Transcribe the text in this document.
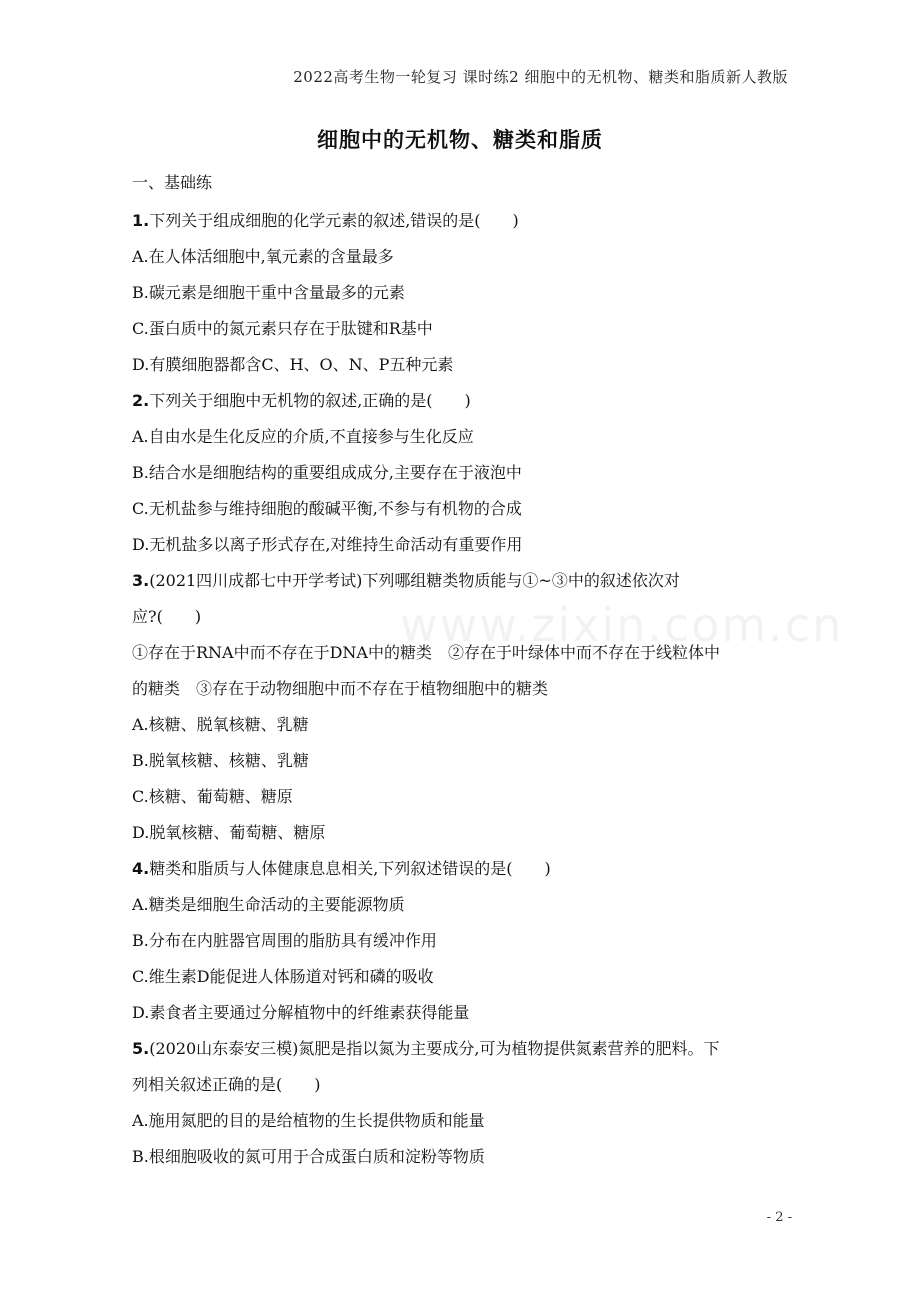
2022高考生物一轮复习 课时练2 细胞中的无机物、糖类和脂质新人教版
细胞中的无机物、糖类和脂质
一、基础练
www.zixin.com.cn
1.下列关于组成细胞的化学元素的叙述,错误的是(　　)
A.在人体活细胞中,氧元素的含量最多
B.碳元素是细胞干重中含量最多的元素
C.蛋白质中的氮元素只存在于肽键和R基中
D.有膜细胞器都含C、H、O、N、P五种元素
2.下列关于细胞中无机物的叙述,正确的是(　　)
A.自由水是生化反应的介质,不直接参与生化反应
B.结合水是细胞结构的重要组成成分,主要存在于液泡中
C.无机盐参与维持细胞的酸碱平衡,不参与有机物的合成
D.无机盐多以离子形式存在,对维持生命活动有重要作用
3.(2021四川成都七中开学考试)下列哪组糖类物质能与①~③中的叙述依次对
应?(　　)
①存在于RNA中而不存在于DNA中的糖类　②存在于叶绿体中而不存在于线粒体中
的糖类　③存在于动物细胞中而不存在于植物细胞中的糖类
A.核糖、脱氧核糖、乳糖
B.脱氧核糖、核糖、乳糖
C.核糖、葡萄糖、糖原
D.脱氧核糖、葡萄糖、糖原
4.糖类和脂质与人体健康息息相关,下列叙述错误的是(　　)
A.糖类是细胞生命活动的主要能源物质
B.分布在内脏器官周围的脂肪具有缓冲作用
C.维生素D能促进人体肠道对钙和磷的吸收
D.素食者主要通过分解植物中的纤维素获得能量
5.(2020山东泰安三模)氮肥是指以氮为主要成分,可为植物提供氮素营养的肥料。下
列相关叙述正确的是(　　)
A.施用氮肥的目的是给植物的生长提供物质和能量
B.根细胞吸收的氮可用于合成蛋白质和淀粉等物质
- 2 -
